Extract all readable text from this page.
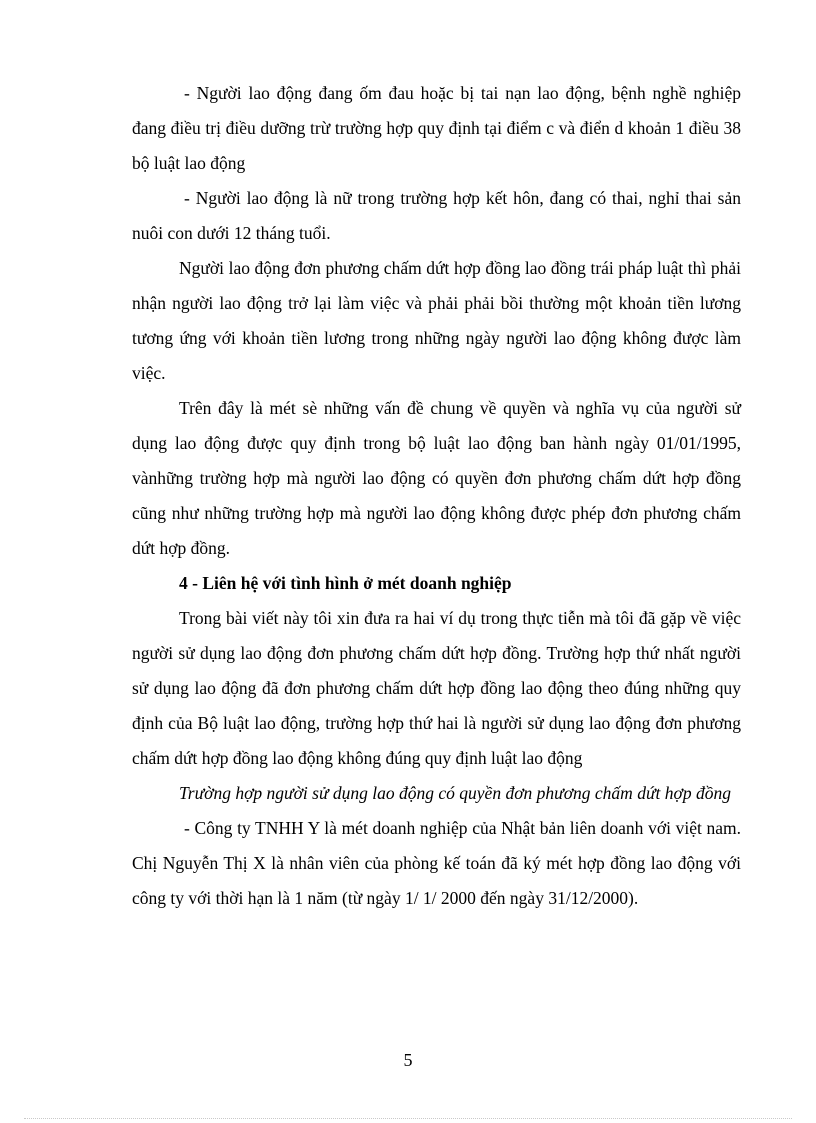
- Người lao động đang ốm đau hoặc bị tai nạn lao động, bệnh nghề nghiệp đang điều trị điều dưỡng trừ trường hợp quy định tại điểm c và điển d khoản 1 điều 38 bộ luật lao động

- Người lao động là nữ trong trường hợp kết hôn, đang có thai, nghỉ thai sản nuôi con dưới 12 tháng tuổi.

Người lao động đơn phương chấm dứt hợp đồng lao đồng trái pháp luật thì phải nhận người lao động trở lại làm việc và phải phải bồi thường một khoản tiền lương tương ứng với khoản tiền lương trong những ngày người lao động không được làm việc.

Trên đây là mét sè những vấn đề chung về quyền và nghĩa vụ của người sử dụng lao động được quy định trong bộ luật lao động ban hành ngày 01/01/1995, vànhững trường hợp mà người lao động có quyền đơn phương chấm dứt hợp đồng cũng như những trường hợp mà người lao động không được phép đơn phương chấm dứt hợp đồng.

4 - Liên hệ với tình hình ở mét doanh nghiệp

Trong bài viết này tôi xin đưa ra hai ví dụ trong thực tiễn mà tôi đã gặp về việc người sử dụng lao động đơn phương chấm dứt hợp đồng. Trường hợp thứ nhất người sử dụng lao động đã đơn phương chấm dứt hợp đồng lao động theo đúng những quy định của Bộ luật lao động, trường hợp thứ hai là người sử dụng lao động đơn phương chấm dứt hợp đồng lao động không đúng quy định luật lao động

Trường hợp người sử dụng lao động có quyền đơn phương chấm dứt hợp đồng

- Công ty TNHH Y là mét doanh nghiệp của Nhật bản liên doanh với việt nam. Chị Nguyễn Thị X là nhân viên của phòng kế toán đã ký mét hợp đồng lao động với công ty với thời hạn là 1 năm (từ ngày 1/ 1/ 2000 đến ngày 31/12/2000).

5
